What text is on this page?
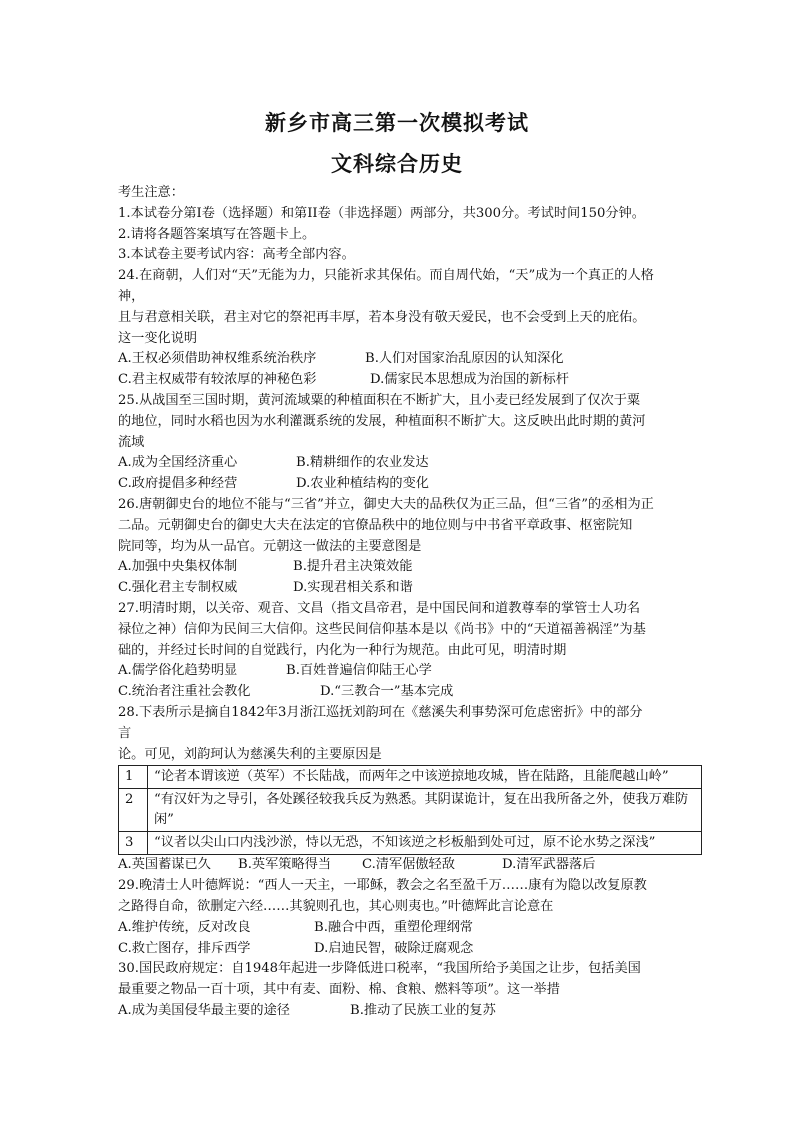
新乡市高三第一次模拟考试
文科综合历史
考生注意：
1.本试卷分第I卷（选择题）和第II卷（非选择题）两部分，共300分。考试时间150分钟。
2.请将各题答案填写在答题卡上。
3.本试卷主要考试内容：高考全部内容。
24.在商朝，人们对“天”无能为力，只能祈求其保佑。而自周代始，“天”成为一个真正的人格
神，
且与君意相关联，君主对它的祭祀再丰厚，若本身没有敬天爱民，也不会受到上天的庇佑。
这一变化说明
A.王权必须借助神权维系统治秩序	B.人们对国家治乱原因的认知深化
C.君主权威带有较浓厚的神秘色彩	D.儒家民本思想成为治国的新标杆
25.从战国至三国时期，黄河流域粟的种植面积在不断扩大，且小麦已经发展到了仅次于粟
的地位，同时水稻也因为水利灌溉系统的发展，种植面积不断扩大。这反映出此时期的黄河
流域
A.成为全国经济重心	B.精耕细作的农业发达
C.政府提倡多种经营	D.农业种植结构的变化
26.唐朝御史台的地位不能与“三省”并立，御史大夫的品秩仅为正三品，但“三省”的丞相为正
二品。元朝御史台的御史大夫在法定的官僚品秩中的地位则与中书省平章政事、枢密院知
院同等，均为从一品官。元朝这一做法的主要意图是
A.加强中央集权体制	B.提升君主决策效能
C.强化君主专制权威	D.实现君相关系和谐
27.明清时期，以关帝、观音、文昌（指文昌帝君，是中国民间和道教尊奉的掌管士人功名
禄位之神）信仰为民间三大信仰。这些民间信仰基本是以《尚书》中的“天道福善祸淫”为基
础的，并经过长时间的自觉践行，内化为一种行为规范。由此可见，明清时期
A.儒学俗化趋势明显	B.百姓普遍信仰陆王心学
C.统治者注重社会教化	D.“三教合一”基本完成
28.下表所示是摘自1842年3月浙江巡抚刘韵珂在《慈溪失利事势深可危虑密折》中的部分
言
论。可见，刘韵珂认为慈溪失利的主要原因是
1	“论者本谓该逆（英军）不长陆战，而两年之中该逆掠地攻城，皆在陆路，且能爬越山岭”
2	“有汉奸为之导引，各处蹊径较我兵反为熟悉。其阴谋诡计，复在出我所备之外，使我万难防闲”
3	“议者以尖山口内浅沙淤，恃以无恐，不知该逆之杉板船到处可过，原不论水势之深浅”
A.英国蓄谋已久	B.英军策略得当	C.清军倨傲轻敌	D.清军武器落后
29.晚清士人叶德辉说：“西人一天主，一耶稣，教会之名至盈千万……康有为隐以改复原教
之路得自命，欲删定六经……其貌则孔也，其心则夷也。”叶德辉此言论意在
A.维护传统，反对改良	B.融合中西，重塑伦理纲常
C.救亡图存，排斥西学	D.启迪民智，破除迂腐观念
30.国民政府规定：自1948年起进一步降低进口税率，“我国所给予美国之让步，包括美国
最重要之物品一百十项，其中有麦、面粉、棉、食粮、燃料等项”。这一举措
A.成为美国侵华最主要的途径	B.推动了民族工业的复苏
